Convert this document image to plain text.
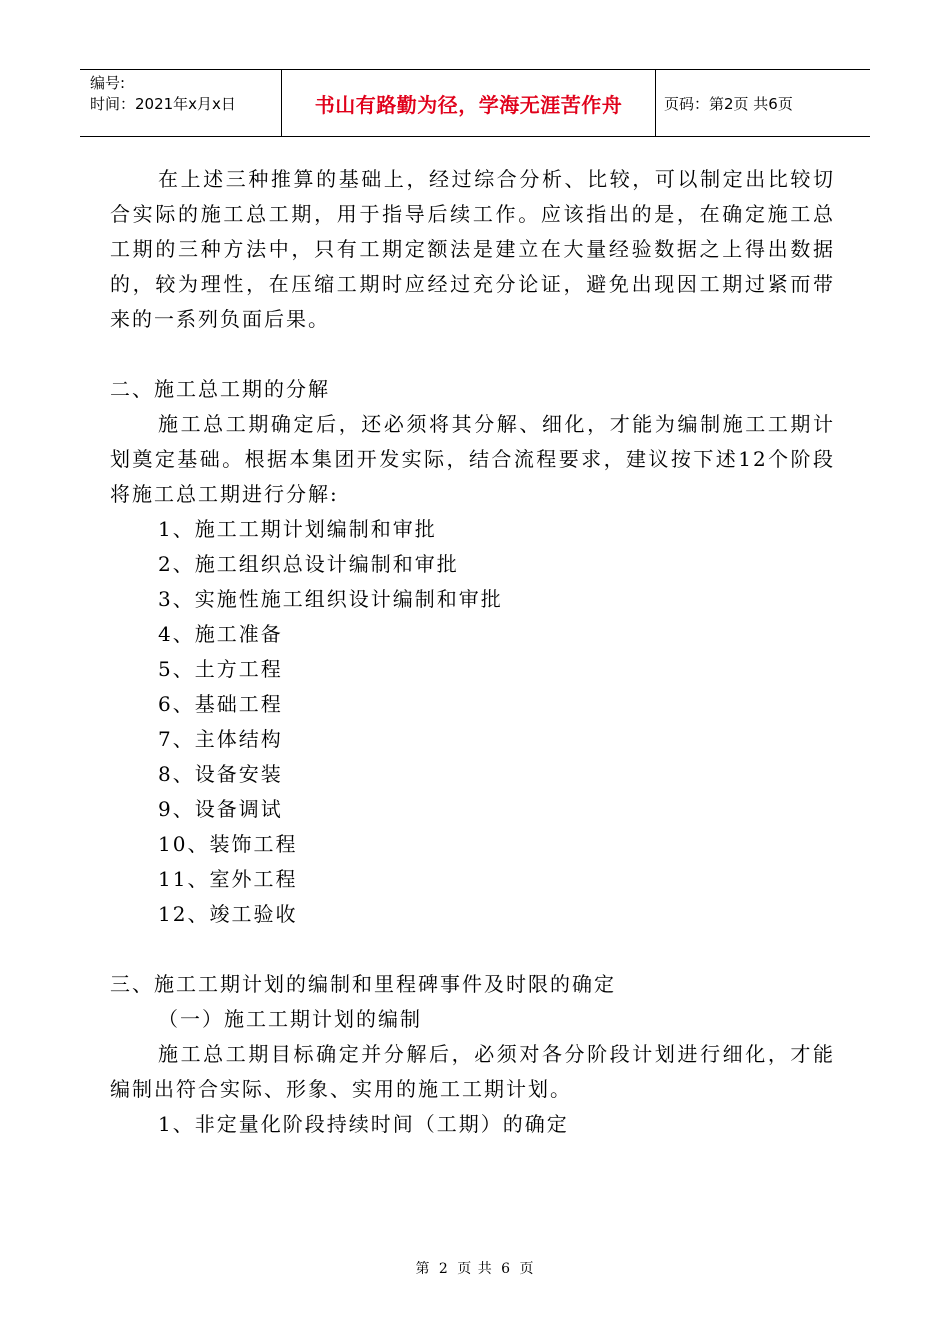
编号:
时间：2021年x月x日	书山有路勤为径，学海无涯苦作舟	页码：第2页 共6页

在上述三种推算的基础上，经过综合分析、比较，可以制定出比较切合实际的施工总工期，用于指导后续工作。应该指出的是，在确定施工总工期的三种方法中，只有工期定额法是建立在大量经验数据之上得出数据的，较为理性，在压缩工期时应经过充分论证，避免出现因工期过紧而带来的一系列负面后果。

二、施工总工期的分解

施工总工期确定后，还必须将其分解、细化，才能为编制施工工期计划奠定基础。根据本集团开发实际，结合流程要求，建议按下述12个阶段将施工总工期进行分解:

1、施工工期计划编制和审批

2、施工组织总设计编制和审批

3、实施性施工组织设计编制和审批

4、施工准备

5、土方工程

6、基础工程

7、主体结构

8、设备安装

9、设备调试

10、装饰工程

11、室外工程

12、竣工验收

三、施工工期计划的编制和里程碑事件及时限的确定

（一）施工工期计划的编制

施工总工期目标确定并分解后，必须对各分阶段计划进行细化，才能编制出符合实际、形象、实用的施工工期计划。

1、非定量化阶段持续时间（工期）的确定

第 2 页 共 6 页
